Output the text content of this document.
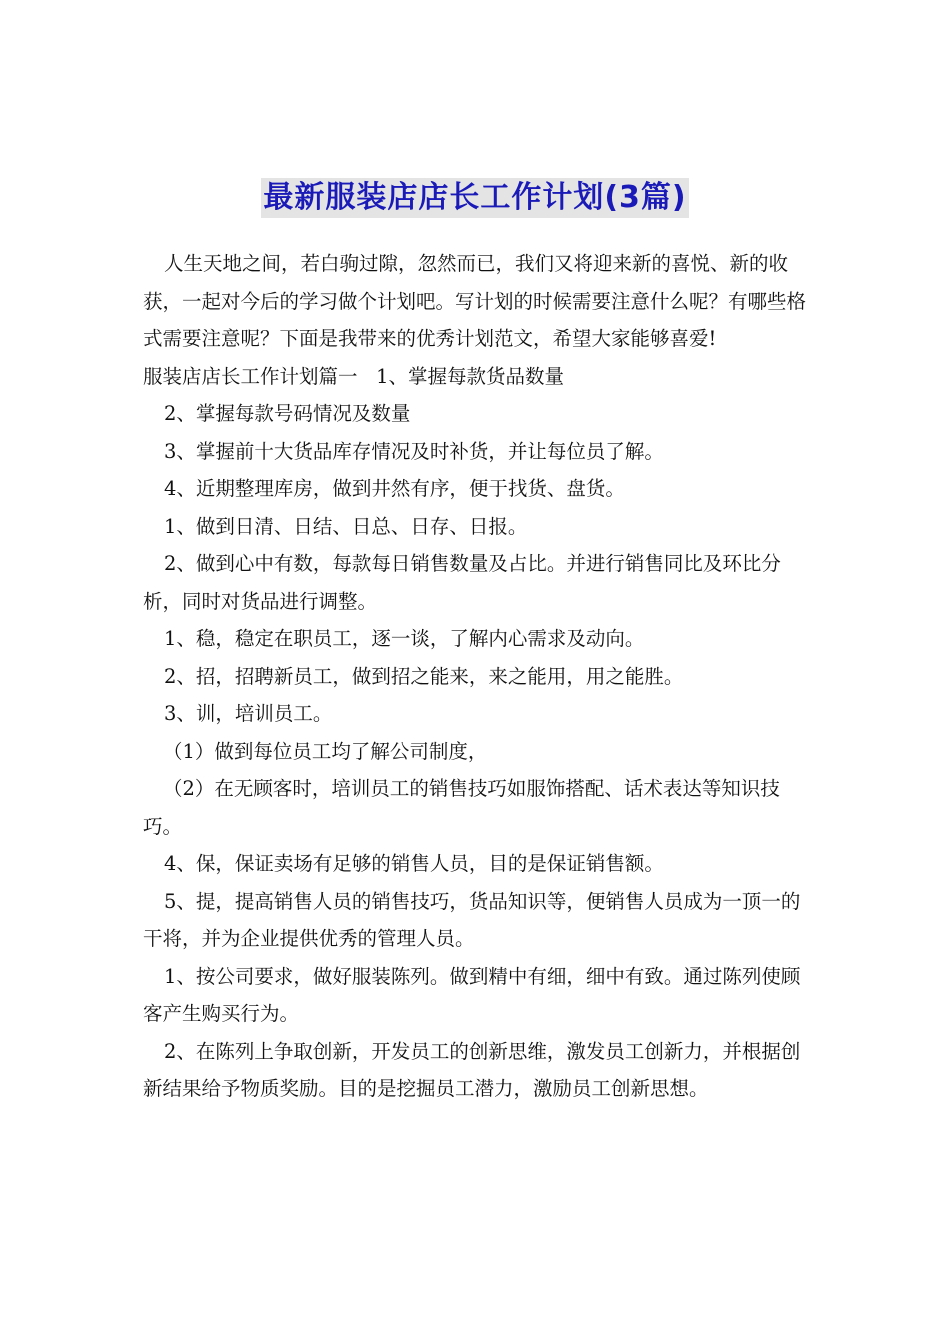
最新服装店店长工作计划(3篇)

人生天地之间，若白驹过隙，忽然而已，我们又将迎来新的喜悦、新的收获，一起对今后的学习做个计划吧。写计划的时候需要注意什么呢？有哪些格式需要注意呢？下面是我带来的优秀计划范文，希望大家能够喜爱!

服装店店长工作计划篇一   1、掌握每款货品数量

2、掌握每款号码情况及数量

3、掌握前十大货品库存情况及时补货，并让每位员了解。

4、近期整理库房，做到井然有序，便于找货、盘货。

1、做到日清、日结、日总、日存、日报。

2、做到心中有数，每款每日销售数量及占比。并进行销售同比及环比分析，同时对货品进行调整。

1、稳，稳定在职员工，逐一谈，了解内心需求及动向。

2、招，招聘新员工，做到招之能来，来之能用，用之能胜。

3、训，培训员工。

（1）做到每位员工均了解公司制度，

（2）在无顾客时，培训员工的销售技巧如服饰搭配、话术表达等知识技巧。

4、保，保证卖场有足够的销售人员，目的是保证销售额。

5、提，提高销售人员的销售技巧，货品知识等，便销售人员成为一顶一的干将，并为企业提供优秀的管理人员。

1、按公司要求，做好服装陈列。做到精中有细，细中有致。通过陈列使顾客产生购买行为。

2、在陈列上争取创新，开发员工的创新思维，激发员工创新力，并根据创新结果给予物质奖励。目的是挖掘员工潜力，激励员工创新思想。
